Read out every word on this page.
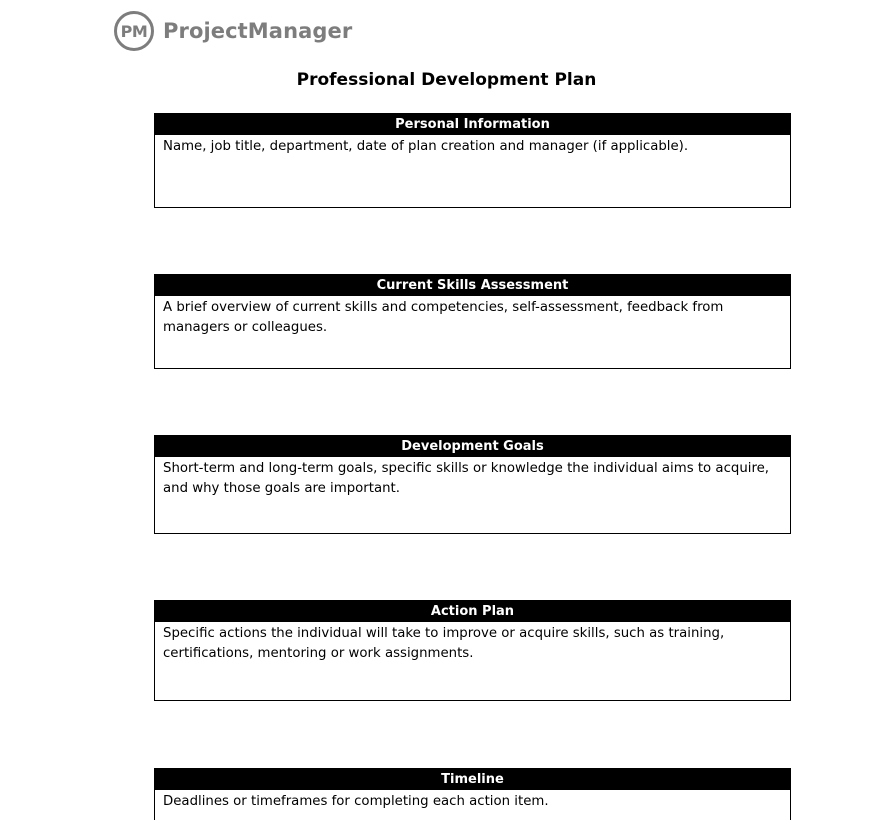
PM ProjectManager
Professional Development Plan
Personal Information
Name, job title, department, date of plan creation and manager (if applicable).
Current Skills Assessment
A brief overview of current skills and competencies, self-assessment, feedback from managers or colleagues.
Development Goals
Short-term and long-term goals, specific skills or knowledge the individual aims to acquire, and why those goals are important.
Action Plan
Specific actions the individual will take to improve or acquire skills, such as training, certifications, mentoring or work assignments.
Timeline
Deadlines or timeframes for completing each action item.
